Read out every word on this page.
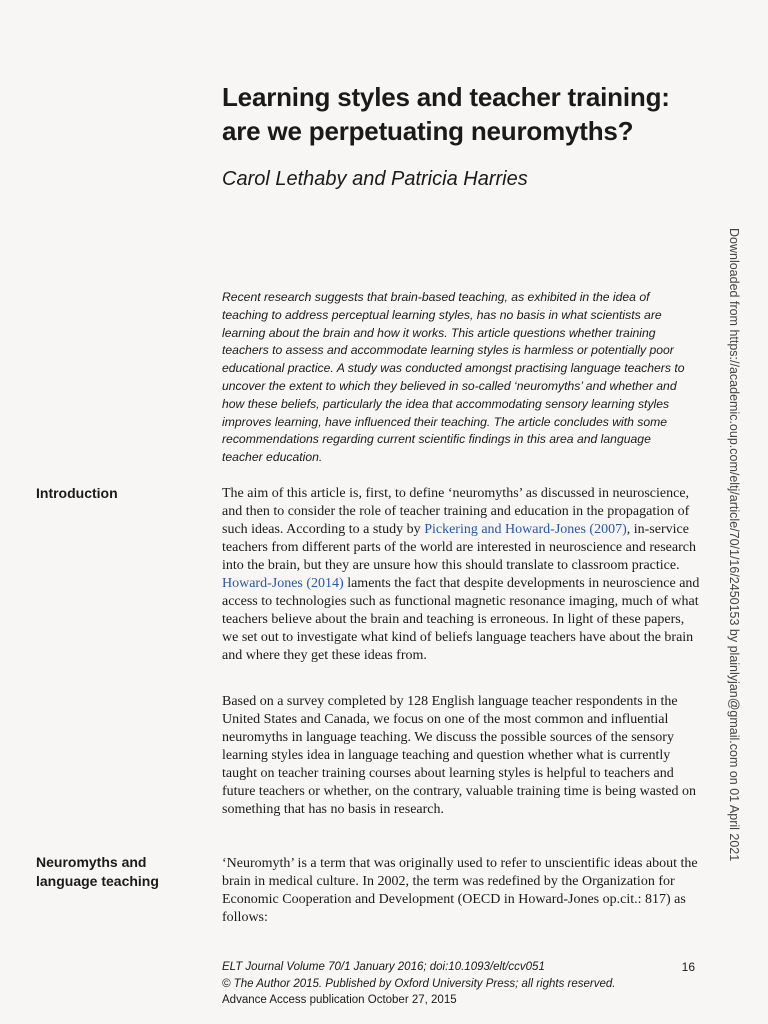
Learning styles and teacher training:
are we perpetuating neuromyths?

Carol Lethaby and Patricia Harries

Recent research suggests that brain-based teaching, as exhibited in the idea of teaching to address perceptual learning styles, has no basis in what scientists are learning about the brain and how it works. This article questions whether training teachers to assess and accommodate learning styles is harmless or potentially poor educational practice. A study was conducted amongst practising language teachers to uncover the extent to which they believed in so-called ‘neuromyths’ and whether and how these beliefs, particularly the idea that accommodating sensory learning styles improves learning, have influenced their teaching. The article concludes with some recommendations regarding current scientific findings in this area and language teacher education.

Introduction	The aim of this article is, first, to define ‘neuromyths’ as discussed in neuroscience, and then to consider the role of teacher training and education in the propagation of such ideas. According to a study by Pickering and Howard-Jones (2007), in-service teachers from different parts of the world are interested in neuroscience and research into the brain, but they are unsure how this should translate to classroom practice. Howard-Jones (2014) laments the fact that despite developments in neuroscience and access to technologies such as functional magnetic resonance imaging, much of what teachers believe about the brain and teaching is erroneous. In light of these papers, we set out to investigate what kind of beliefs language teachers have about the brain and where they get these ideas from.

Based on a survey completed by 128 English language teacher respondents in the United States and Canada, we focus on one of the most common and influential neuromyths in language teaching. We discuss the possible sources of the sensory learning styles idea in language teaching and question whether what is currently taught on teacher training courses about learning styles is helpful to teachers and future teachers or whether, on the contrary, valuable training time is being wasted on something that has no basis in research.

Neuromyths and
language teaching

‘Neuromyth’ is a term that was originally used to refer to unscientific ideas about the brain in medical culture. In 2002, the term was redefined by the Organization for Economic Cooperation and Development (OECD in Howard-Jones op.cit.: 817) as follows:

ELT Journal Volume 70/1 January 2016; doi:10.1093/elt/ccv051
© The Author 2015. Published by Oxford University Press; all rights reserved.
Advance Access publication October 27, 2015
16
Downloaded from https://academic.oup.com/eltj/article/70/1/16/2450153 by plainlyjan@gmail.com on 01 April 2021
